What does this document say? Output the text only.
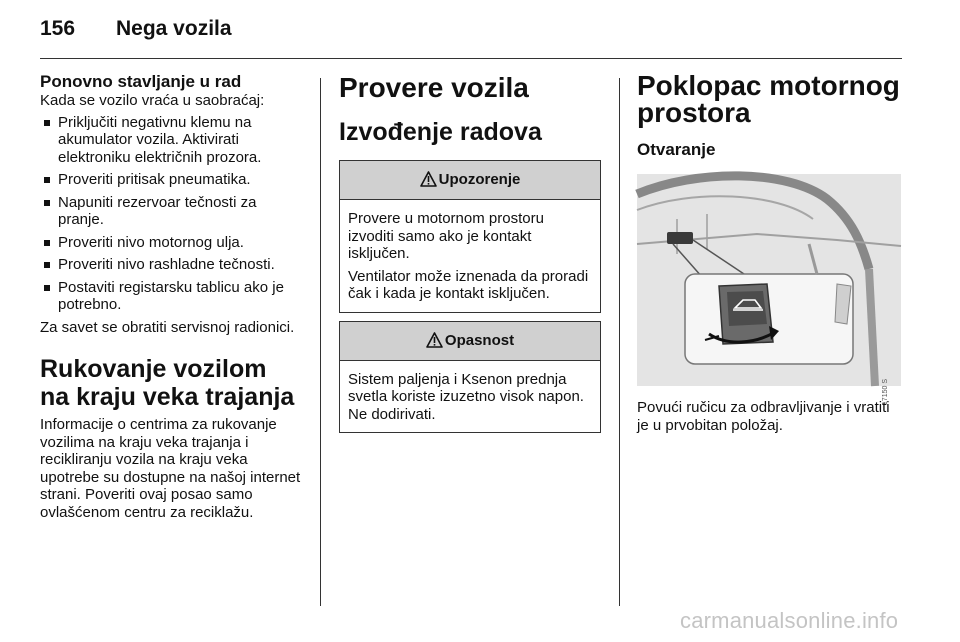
156 Nega vozila
Ponovno stavljanje u rad

Kada se vozilo vraća u saobraćaj:

Priključiti negativnu klemu na akumulator vozila. Aktivirati elektroniku električnih prozora.
Proveriti pritisak pneumatika.
Napuniti rezervoar tečnosti za pranje.
Proveriti nivo motornog ulja.
Proveriti nivo rashladne tečnosti.
Postaviti registarsku tablicu ako je potrebno.

Za savet se obratiti servisnoj radionici.

Rukovanje vozilom na kraju veka trajanja

Informacije o centrima za rukovanje vozilima na kraju veka trajanja i recikliranju vozila na kraju veka upotrebe su dostupne na našoj internet strani. Poveriti ovaj posao samo ovlašćenom centru za reciklažu.

Provere vozila
Izvođenje radova
Upozorenje

Provere u motornom prostoru izvoditi samo ako je kontakt isključen.

Ventilator može iznenada da proradi čak i kada je kontakt isključen.

Opasnost

Sistem paljenja i Ksenon prednja svetla koriste izuzetno visok napon. Ne dodirivati.

Poklopac motornog prostora
Otvaranje
17150 S

Povući ručicu za odbravljivanje i vratiti je u prvobitan položaj.

carmanualsonline.info
